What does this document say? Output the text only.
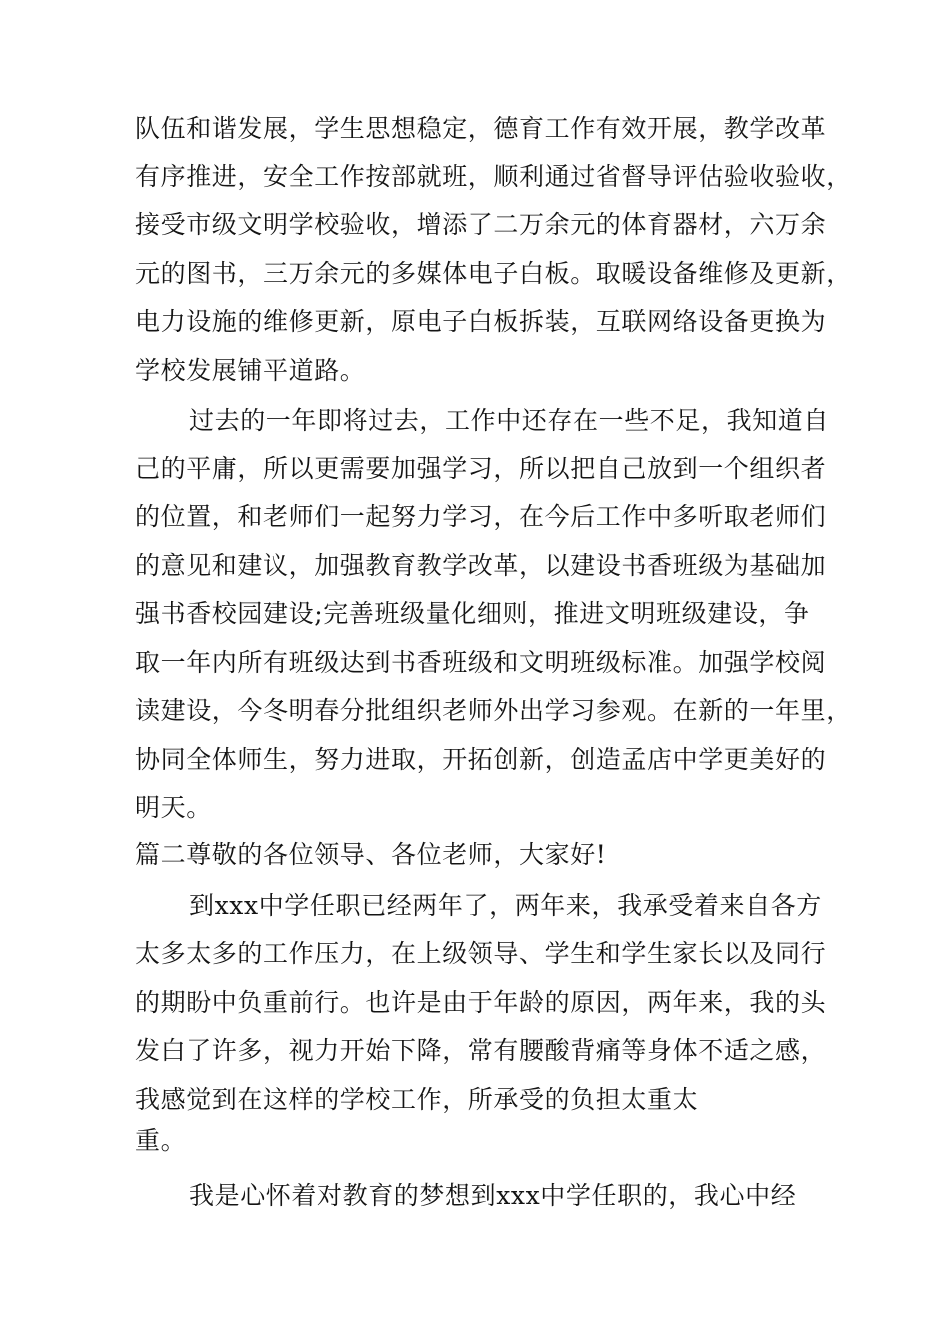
队伍和谐发展，学生思想稳定，德育工作有效开展，教学改革
有序推进，安全工作按部就班，顺利通过省督导评估验收验收，
接受市级文明学校验收，增添了二万余元的体育器材，六万余
元的图书，三万余元的多媒体电子白板。取暖设备维修及更新，
电力设施的维修更新，原电子白板拆装，互联网络设备更换为
学校发展铺平道路。
过去的一年即将过去，工作中还存在一些不足，我知道自
己的平庸，所以更需要加强学习，所以把自己放到一个组织者
的位置，和老师们一起努力学习，在今后工作中多听取老师们
的意见和建议，加强教育教学改革，以建设书香班级为基础加
强书香校园建设;完善班级量化细则，推进文明班级建设，争
取一年内所有班级达到书香班级和文明班级标准。加强学校阅
读建设，今冬明春分批组织老师外出学习参观。在新的一年里，
协同全体师生，努力进取，开拓创新，创造孟店中学更美好的
明天。
篇二尊敬的各位领导、各位老师，大家好!
到xxx中学任职已经两年了，两年来，我承受着来自各方
太多太多的工作压力，在上级领导、学生和学生家长以及同行
的期盼中负重前行。也许是由于年龄的原因，两年来，我的头
发白了许多，视力开始下降，常有腰酸背痛等身体不适之感，
我感觉到在这样的学校工作，所承受的负担太重太
重。
我是心怀着对教育的梦想到xxx中学任职的，我心中经
